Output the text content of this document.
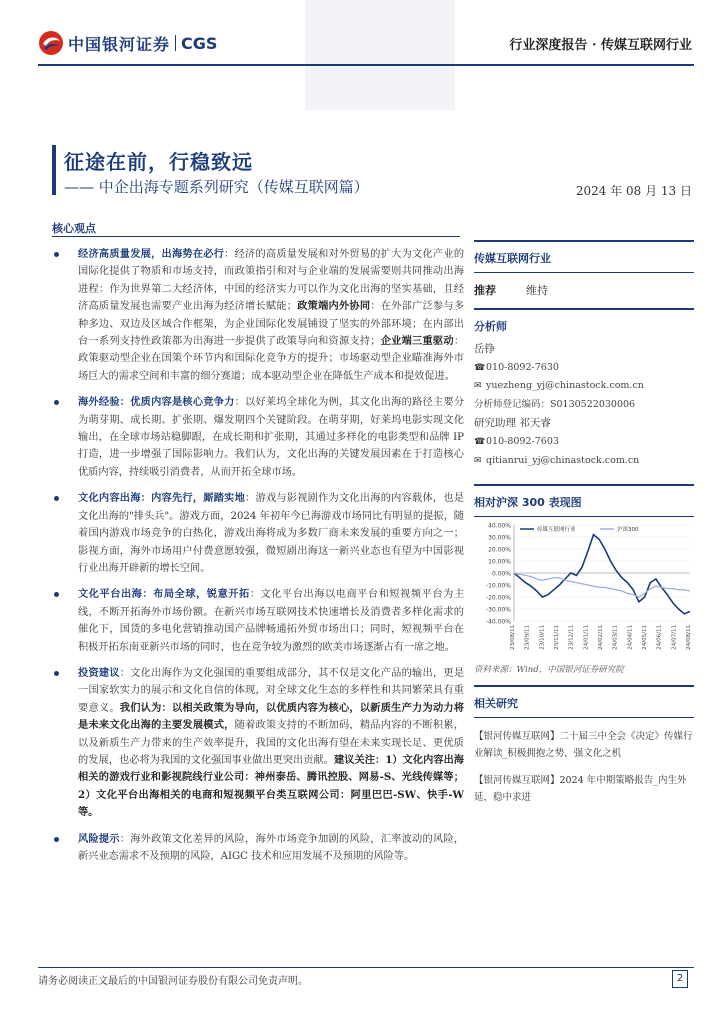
中国银河证券 CGS	行业深度报告 · 传媒互联网行业
征途在前，行稳致远
—— 中企出海专题系列研究（传媒互联网篇）	2024 年 08 月 13 日
核心观点
经济高质量发展，出海势在必行：经济的高质量发展和对外贸易的扩大为文化产业的国际化提供了物质和市场支持，而政策指引和对与企业端的发展需要则共同推动出海进程：作为世界第二大经济体，中国的经济实力可以作为文化出海的坚实基础，且经济高质量发展也需要产业出海为经济增长赋能；政策端内外协同：在外部广泛参与多种多边、双边及区域合作框架，为企业国际化发展铺设了坚实的外部环境；在内部出台一系列支持性政策都为出海进一步提供了政策导向和资源支持；企业端三重驱动：政策驱动型企业在国策个环节内和国际化竞争方的提升；市场驱动型企业瞄准海外市场巨大的需求空间和丰富的细分赛道；成本驱动型企业在降低生产成本和提效促进。
海外经验：优质内容是核心竞争力：以好莱坞全球化为例，其文化出海的路径主要分为萌芽期、成长期、扩张期、爆发期四个关键阶段。在萌芽期，好莱坞电影实现文化输出，在全球市场站稳脚跟，在成长期和扩张期，其通过多样化的电影类型和品牌 IP 打造，进一步增强了国际影响力。我们认为，文化出海的关键发展因素在于打造核心优质内容，持续吸引消费者，从而开拓全球市场。
文化内容出海：内容先行，厮踏实地：游戏与影视剧作为文化出海的内容载体，也是文化出海的"排头兵"。游戏方面，2024 年初年今已海游戏市场同比有明显的提振，随着国内游戏市场竞争的白热化，游戏出海将成为多数厂商未来发展的重要方向之一；影视方面，海外市场用户付费意愿较强，微短剧出海这一新兴业态也有望为中国影视行业出海开辟新的增长空间。
文化平台出海：布局全球，锐意开拓：文化平台出海以电商平台和短视频平台为主线，不断开拓海外市场份额。在新兴市场互联网技术快速增长及消费者多样化需求的催化下，国货的多电化营销推动国产品牌畅通拓外贸市场出口；同时，短视频平台在积极开拓东南亚新兴市场的同时，也在竞争较为激烈的欧美市场逐渐占有一席之地。
投资建议：文化出海作为文化强国的重要组成部分，其不仅是文化产品的输出，更是一国家软实力的展示和文化自信的体现，对全球文化生态的多样性和共同繁荣具有重要意义。我们认为：以相关政策为导向，以优质内容为核心，以新质生产力为动力将是未来文化出海的主要发展模式，随着政策支持的不断加码，精品内容的不断积累，以及新质生产力带来的生产效率提升，我国的文化出海有望在未来实现长足、更优质的发展，也必将为我国的文化强国事业做出更突出贡献。建议关注：1）文化内容出海相关的游戏行业和影视院线行业公司：神州泰岳、腾讯控股、网易-S、光线传媒等；2）文化平台出海相关的电商和短视频平台类互联网公司：阿里巴巴-SW、快手-W 等。
风险提示：海外政策文化差异的风险，海外市场竞争加剧的风险，汇率波动的风险，新兴业态需求不及预期的风险，AIGC 技术和应用发展不及预期的风险等。
传媒互联网行业
推荐	维持
分析师
岳铮
☎010-8092-7630
✉ yuezheng_yj@chinastock.com.cn
分析师登记编码：S0130522030006
研究助理 祁天睿
☎010-8092-7603
✉ qitianrui_yj@chinastock.com.cn
相对沪深 300 表现图
40.00%
30.00%
20.00%
10.00%
0.00%
-10.00%
-20.00%
-30.00%
-40.00%
23/08/11 23/09/11 23/10/11 23/11/11 23/12/11 24/01/11 24/02/11 24/03/11 24/04/11 24/05/11 24/06/11 24/07/11 24/08/11
传媒互联网行业	沪深300
资料来源：Wind，中国银河证券研究院
相关研究
【银河传媒互联网】二十届三中全会《决定》传媒行业解读_积极拥抱之势，强文化之机
【银河传媒互联网】2024 年中期策略报告_内生外延，稳中求进
请务必阅读正文最后的中国银河证券股份有限公司免责声明。	2
